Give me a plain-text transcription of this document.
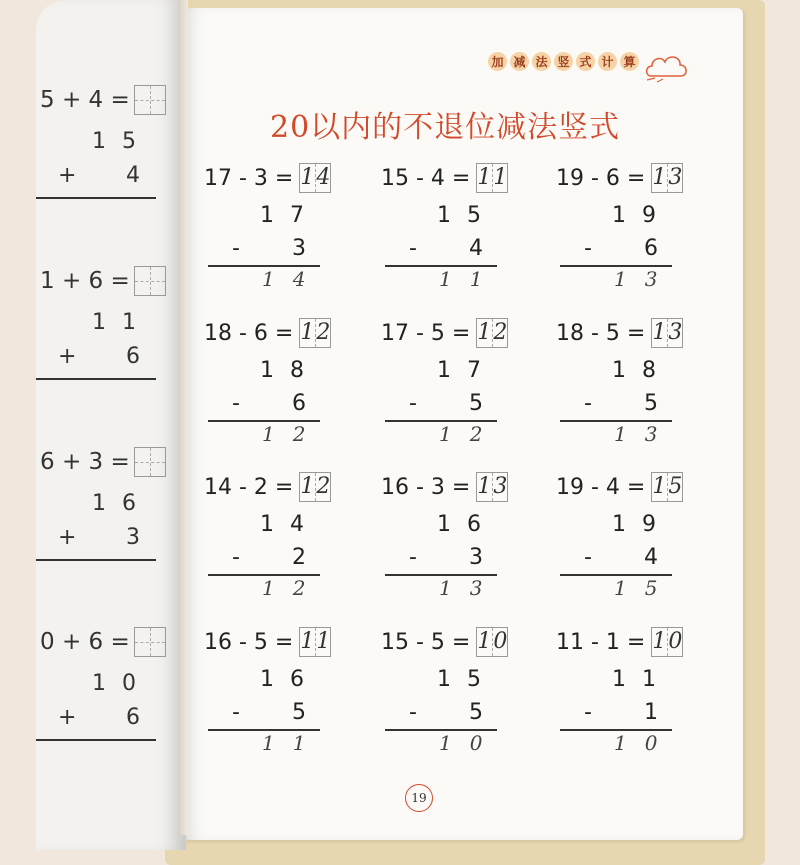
加 减 法 竖 式 计 算
20以内的不退位减法竖式
17 - 3 = 14
17
- 3
14
15 - 4 = 11
15
- 4
11
19 - 6 = 13
19
- 6
13
18 - 6 = 12
18
- 6
12
17 - 5 = 12
17
- 5
12
18 - 5 = 13
18
- 5
13
14 - 2 = 12
14
- 2
12
16 - 3 = 13
16
- 3
13
19 - 4 = 15
19
- 4
15
16 - 5 = 11
16
- 5
11
15 - 5 = 10
15
- 5
10
11 - 1 = 10
11
- 1
10
5 + 4 =
15
+ 4
1 + 6 =
11
+ 6
6 + 3 =
16
+ 3
0 + 6 =
10
+ 6
19
